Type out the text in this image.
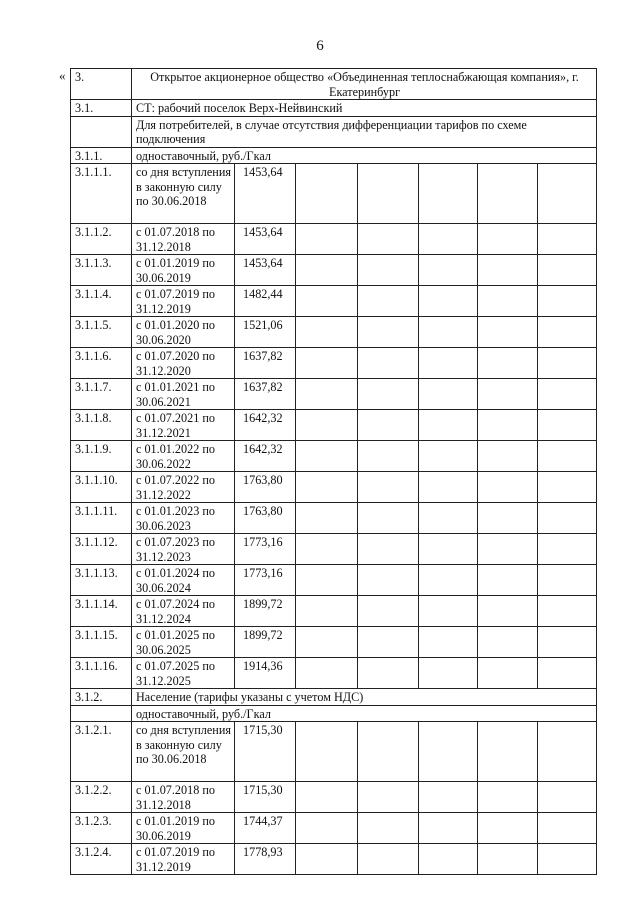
6
« 3.	Открытое акционерное общество «Объединенная теплоснабжающая компания», г. Екатеринбург						
3.1.	СТ: рабочий поселок Верх-Нейвинский						
	Для потребителей, в случае отсутствия дифференциации тарифов по схеме подключения						
3.1.1.	одноставочный, руб./Гкал						
3.1.1.1.	со дня вступления в законную силу по 30.06.2018	1453,64					
3.1.1.2.	с 01.07.2018 по 31.12.2018	1453,64					
3.1.1.3.	с 01.01.2019 по 30.06.2019	1453,64					
3.1.1.4.	с 01.07.2019 по 31.12.2019	1482,44					
3.1.1.5.	с 01.01.2020 по 30.06.2020	1521,06					
3.1.1.6.	с 01.07.2020 по 31.12.2020	1637,82					
3.1.1.7.	с 01.01.2021 по 30.06.2021	1637,82					
3.1.1.8.	с 01.07.2021 по 31.12.2021	1642,32					
3.1.1.9.	с 01.01.2022 по 30.06.2022	1642,32					
3.1.1.10.	с 01.07.2022 по 31.12.2022	1763,80					
3.1.1.11.	с 01.01.2023 по 30.06.2023	1763,80					
3.1.1.12.	с 01.07.2023 по 31.12.2023	1773,16					
3.1.1.13.	с 01.01.2024 по 30.06.2024	1773,16					
3.1.1.14.	с 01.07.2024 по 31.12.2024	1899,72					
3.1.1.15.	с 01.01.2025 по 30.06.2025	1899,72					
3.1.1.16.	с 01.07.2025 по 31.12.2025	1914,36					
3.1.2.	Население (тарифы указаны с учетом НДС)						
	одноставочный, руб./Гкал						
3.1.2.1.	со дня вступления в законную силу по 30.06.2018	1715,30					
3.1.2.2.	с 01.07.2018 по 31.12.2018	1715,30					
3.1.2.3.	с 01.01.2019 по 30.06.2019	1744,37					
3.1.2.4.	с 01.07.2019 по 31.12.2019	1778,93					
